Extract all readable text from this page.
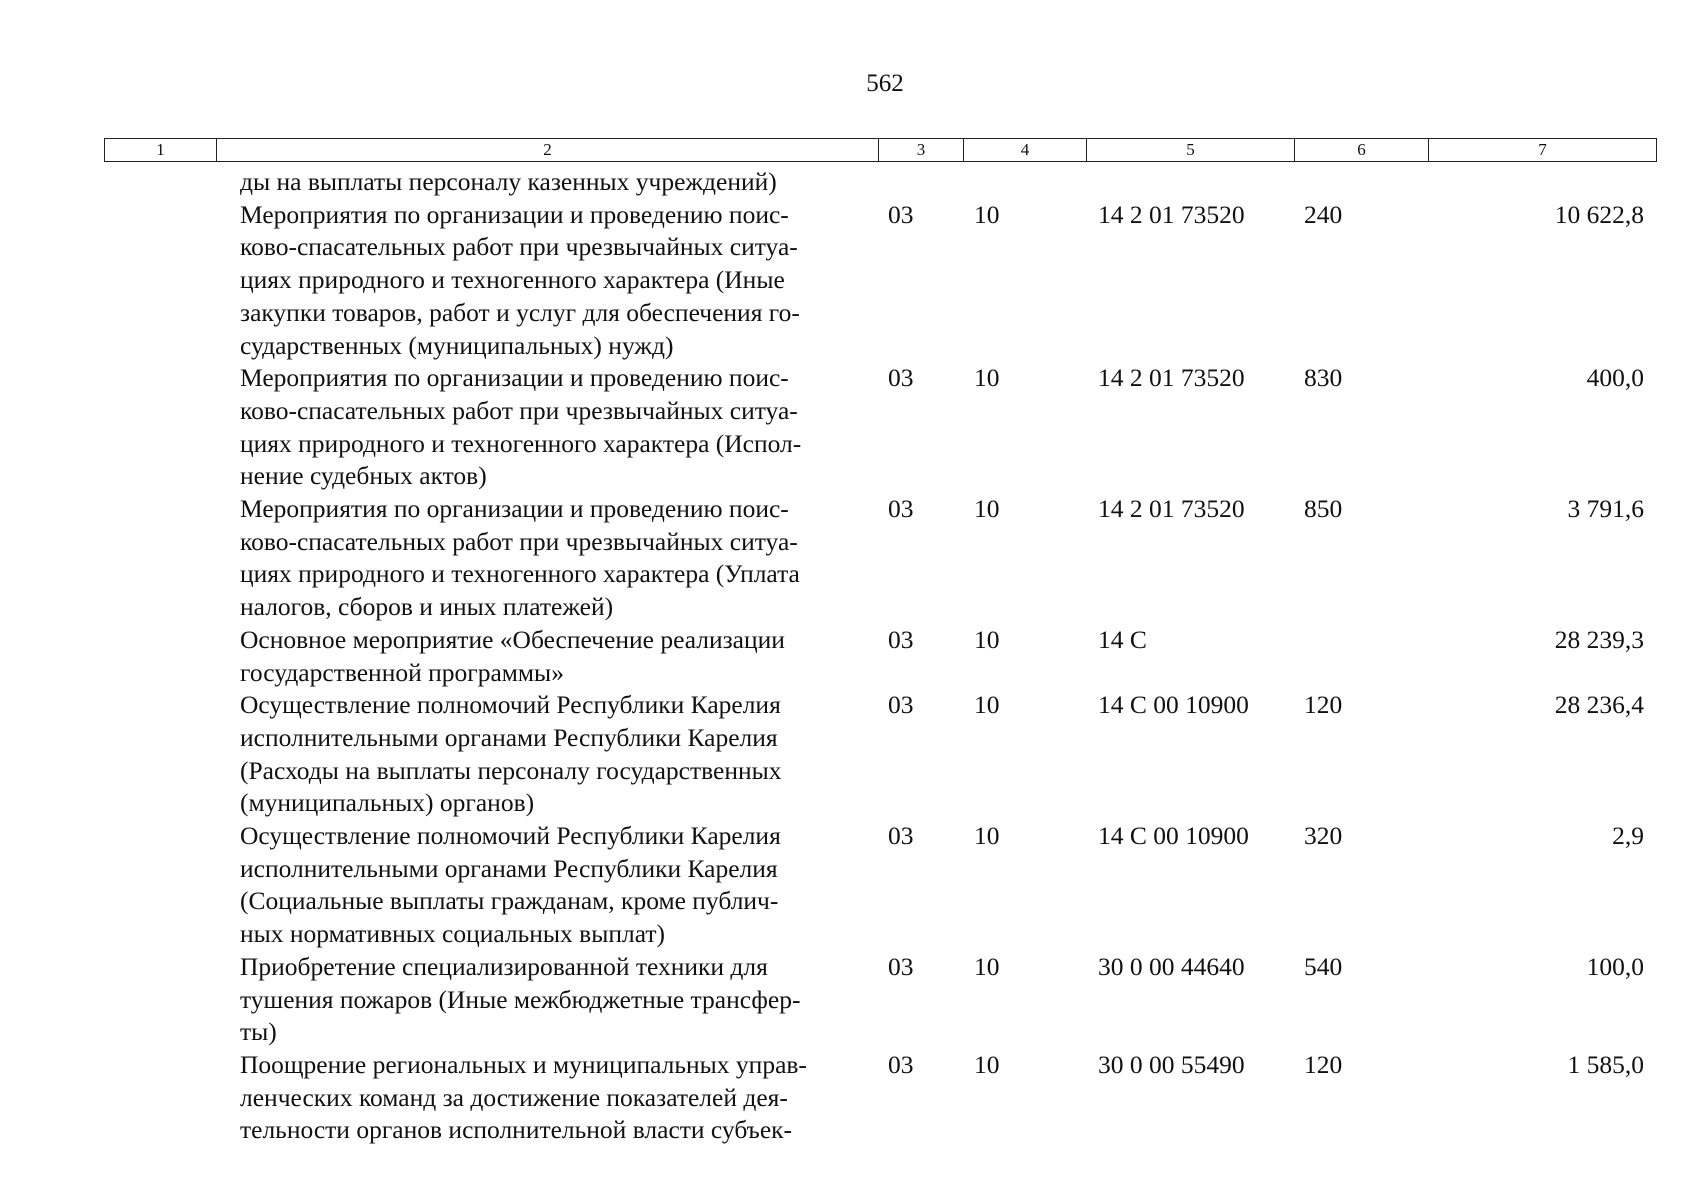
562
1	2	3	4	5	6	7
	ды на выплаты персоналу казенных учреждений)					
	Мероприятия по организации и проведению поис-
ково-спасательных работ при чрезвычайных ситуа-
циях природного и техногенного характера (Иные
закупки товаров, работ и услуг для обеспечения го-
сударственных (муниципальных) нужд)	03	10	14 2 01 73520	240	10 622,8
	Мероприятия по организации и проведению поис-
ково-спасательных работ при чрезвычайных ситуа-
циях природного и техногенного характера (Испол-
нение судебных актов)	03	10	14 2 01 73520	830	400,0
	Мероприятия по организации и проведению поис-
ково-спасательных работ при чрезвычайных ситуа-
циях природного и техногенного характера (Уплата
налогов, сборов и иных платежей)	03	10	14 2 01 73520	850	3 791,6
	Основное мероприятие «Обеспечение реализации
государственной программы»	03	10	14 С		28 239,3
	Осуществление полномочий Республики Карелия
исполнительными органами Республики Карелия
(Расходы на выплаты персоналу государственных
(муниципальных) органов)	03	10	14 С 00 10900	120	28 236,4
	Осуществление полномочий Республики Карелия
исполнительными органами Республики Карелия
(Социальные выплаты гражданам, кроме публич-
ных нормативных социальных выплат)	03	10	14 С 00 10900	320	2,9
	Приобретение специализированной техники для
тушения пожаров (Иные межбюджетные трансфер-
ты)	03	10	30 0 00 44640	540	100,0
	Поощрение региональных и муниципальных управ-
ленческих команд за достижение показателей дея-
тельности органов исполнительной власти субъек-	03	10	30 0 00 55490	120	1 585,0
